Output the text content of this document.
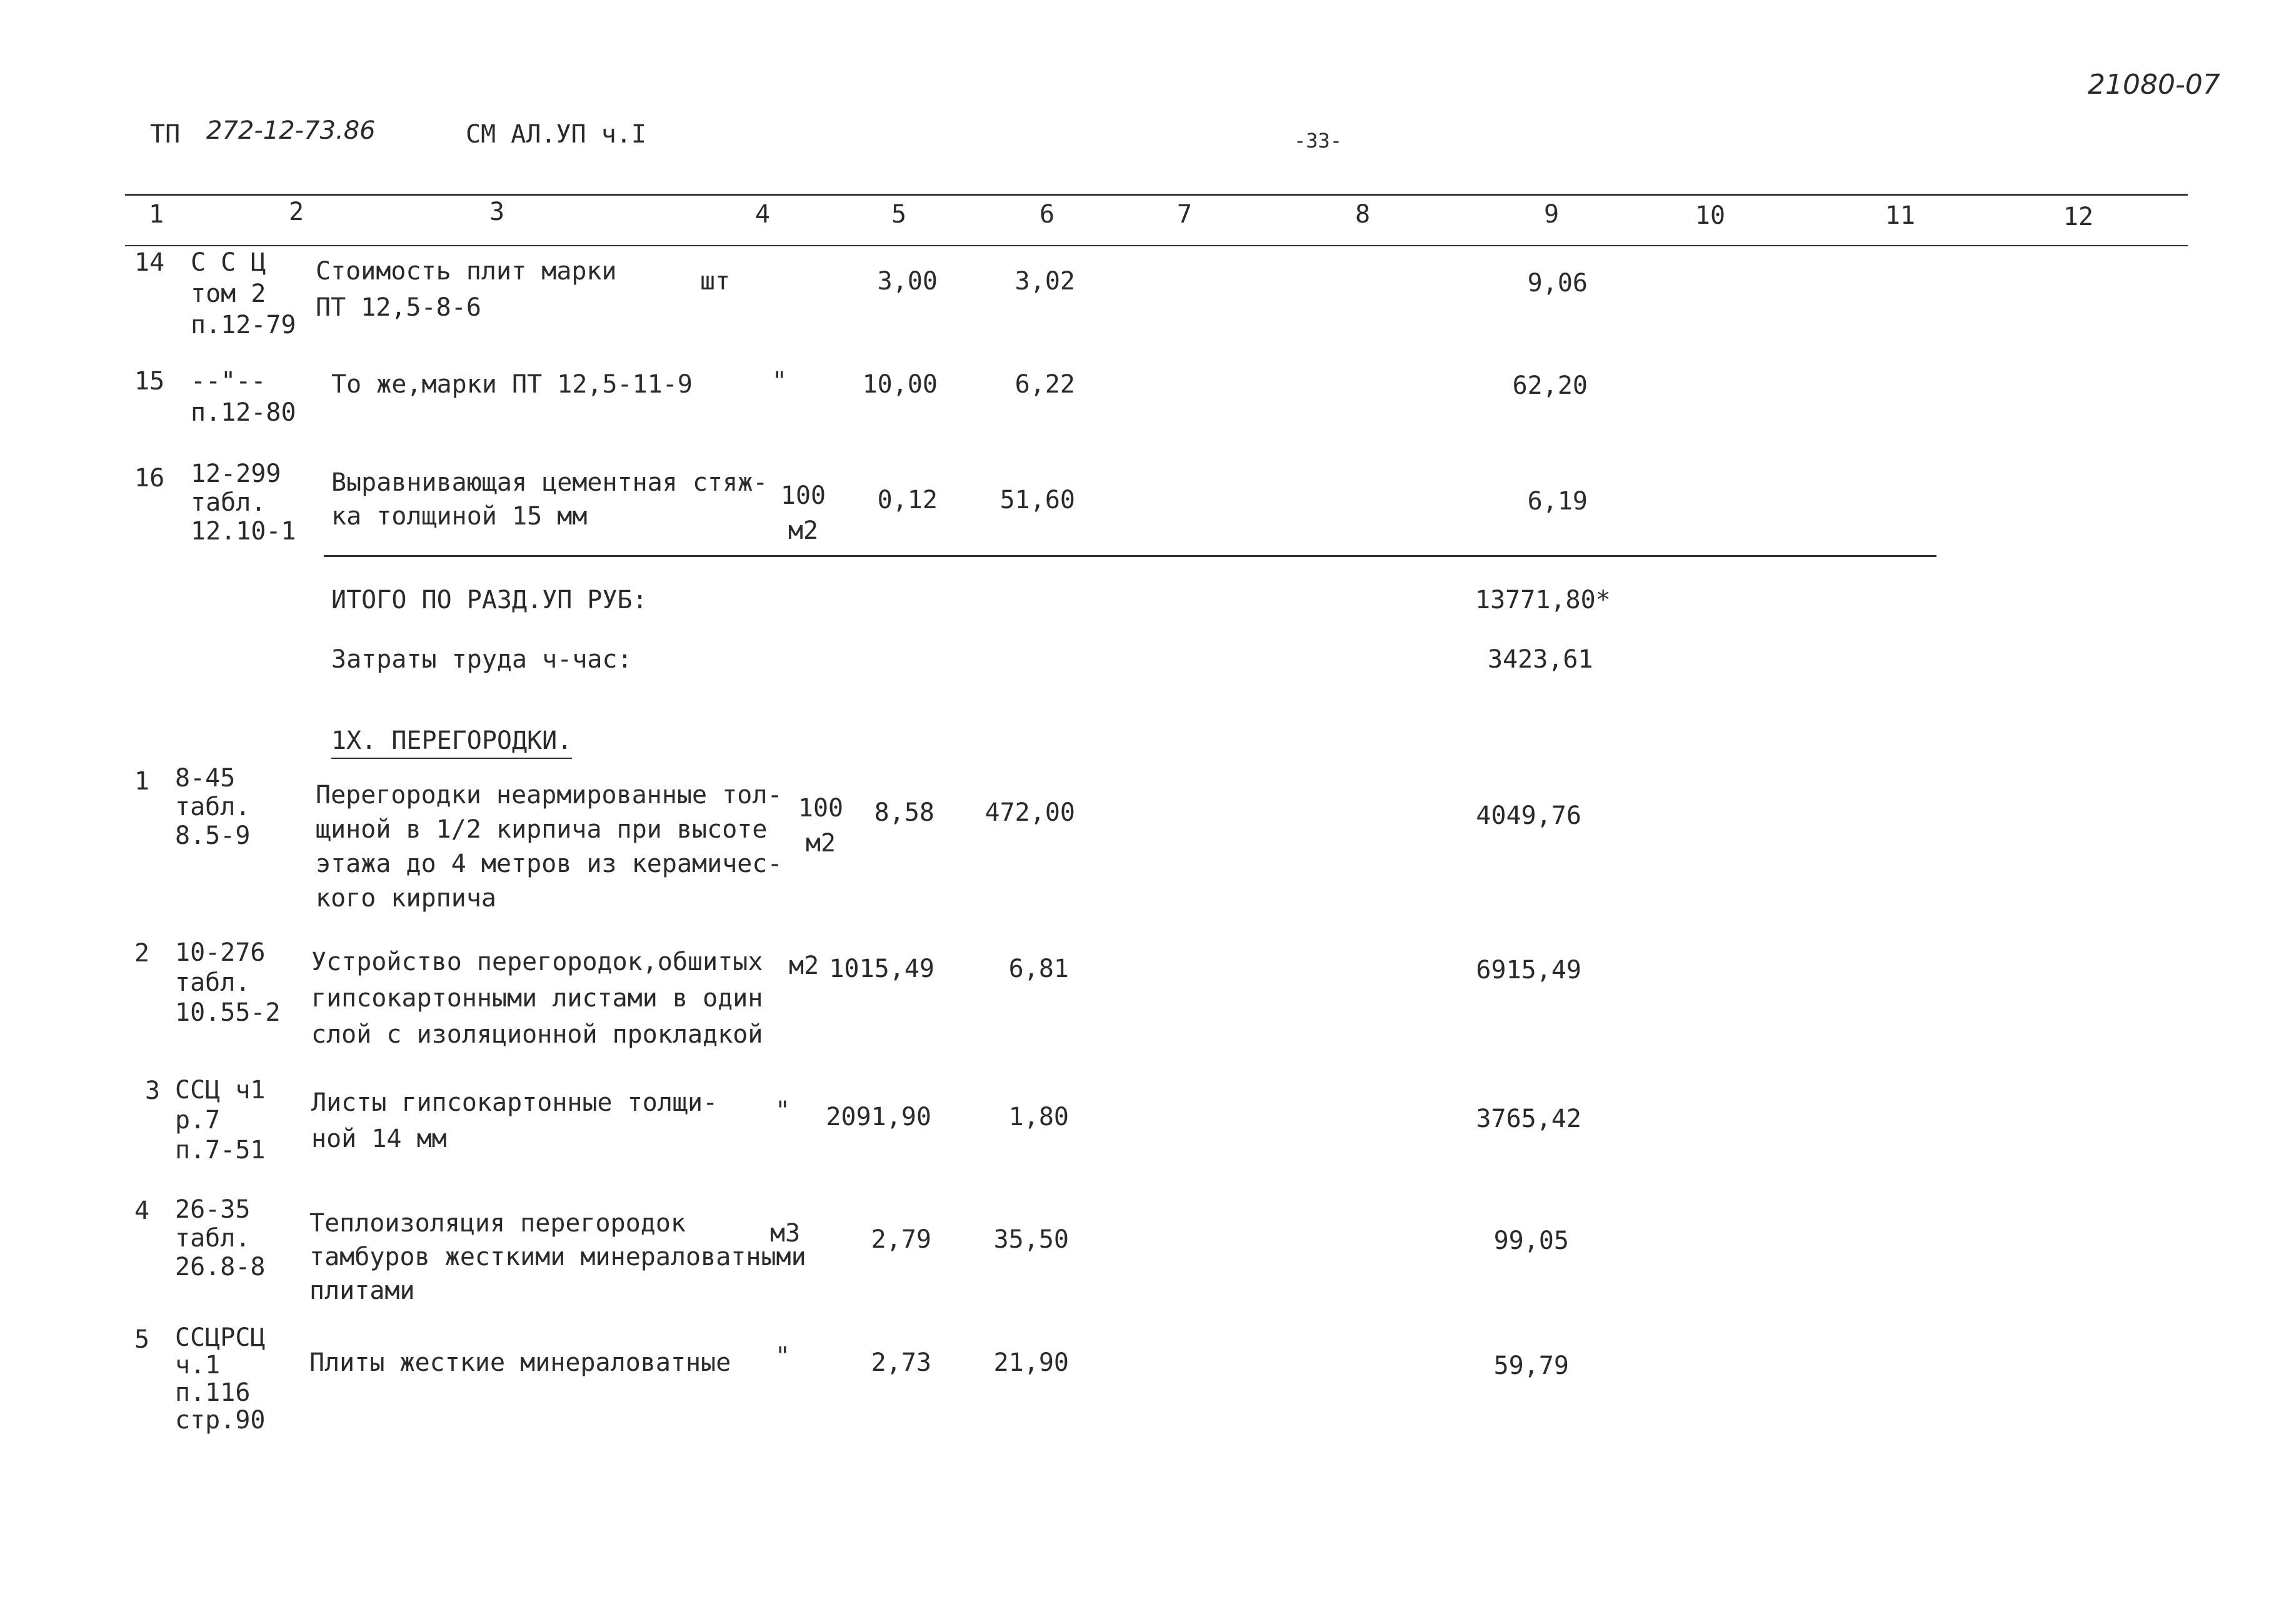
21080-07
ТП 272-12-73.86	СМ АЛ.УП ч.I	-33-
1	2	3	4	5	6	7	8	9	10	11	12
14 С С Ц
том 2
п.12-79
Стоимость плит марки
ПТ 12,5-8-6
шт	3,00	3,02	9,06
15 --"--
п.12-80
То же,марки ПТ 12,5-11-9	"	10,00	6,22	62,20
16 12-299
табл.
12.10-1
Выравнивающая цементная стяж-
ка толщиной 15 мм
100
м2
0,12	51,60	6,19
ИТОГО ПО РАЗД.УП РУБ:	13771,80*
Затраты труда ч-час:	3423,61
1Х. ПЕРЕГОРОДКИ.
1 8-45
табл.
8.5-9
Перегородки неармированные тол-
щиной в 1/2 кирпича при высоте
этажа до 4 метров из керамичес-
кого кирпича
100
м2
8,58	472,00	4049,76
2 10-276
табл.
10.55-2
Устройство перегородок,обшитых
гипсокартонными листами в один
слой с изоляционной прокладкой
м2 1015,49	6,81	6915,49
3 ССЦ ч1
р.7
п.7-51
Листы гипсокартонные толщи-
ной 14 мм
" 2091,90	1,80	3765,42
4 26-35
табл.
26.8-8
Теплоизоляция перегородок
тамбуров жесткими минераловатными
плитами
м3	2,79	35,50	99,05
5 ССЦРСЦ
ч.1
п.116
стр.90
Плиты жесткие минераловатные "	2,73	21,90	59,79
